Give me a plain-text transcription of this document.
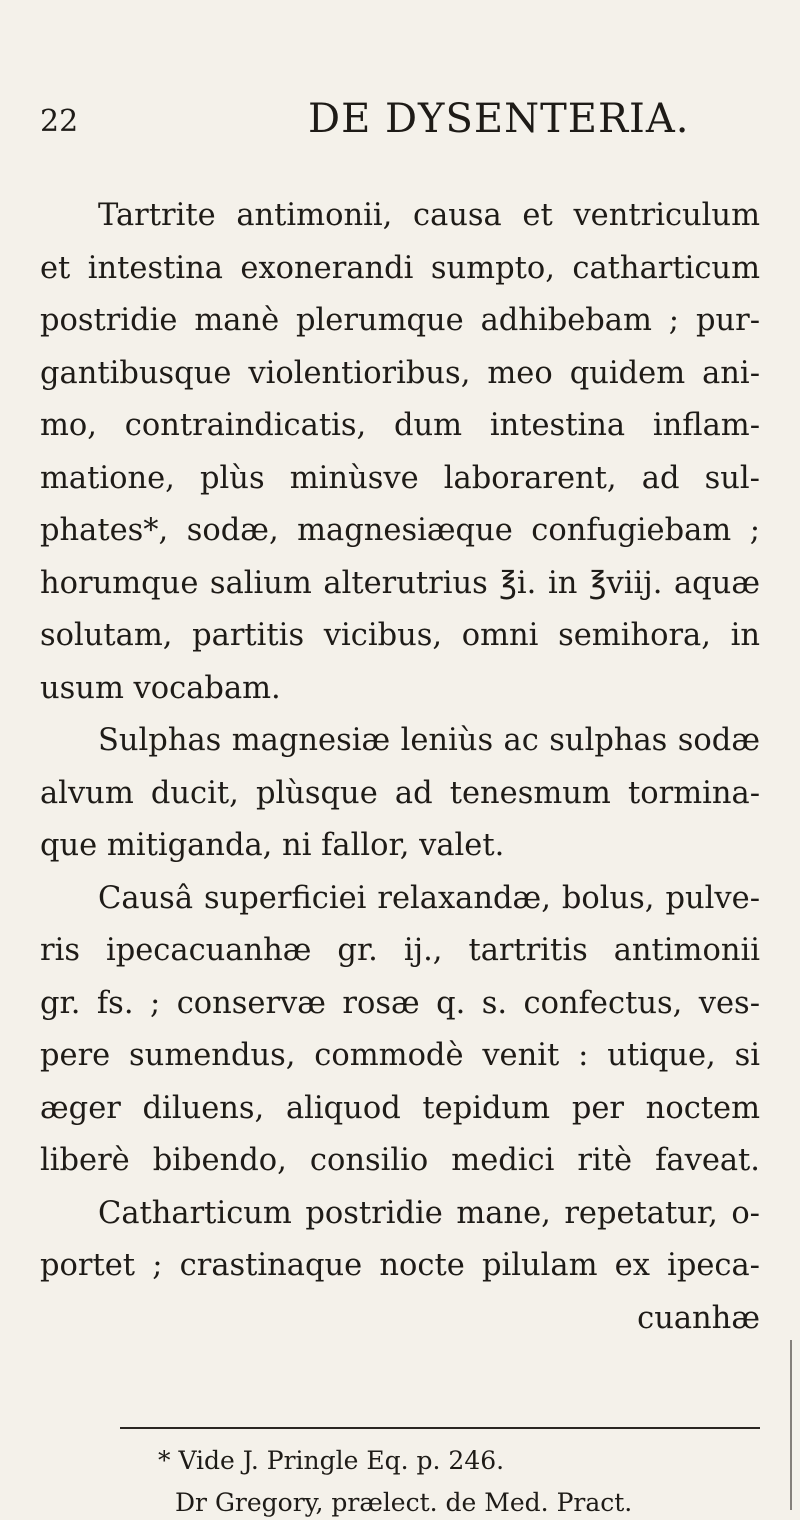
22	DE DYSENTERIA.
Tartrite antimonii, causa et ventriculum
et intestina exonerandi sumpto, catharticum
postridie manè plerumque adhibebam ; pur-
gantibusque violentioribus, meo quidem ani-
mo, contraindicatis, dum intestina inflam-
matione, plùs minùsve laborarent, ad sul-
phates*, sodæ, magnesiæque confugiebam ;
horumque salium alterutrius ℥i. in ℥viij. aquæ
solutam, partitis vicibus, omni semihora, in
usum vocabam.
Sulphas magnesiæ leniùs ac sulphas sodæ
alvum ducit, plùsque ad tenesmum tormina-
que mitiganda, ni fallor, valet.
Causâ superficiei relaxandæ, bolus, pulve-
ris ipecacuanhæ gr. ij., tartritis antimonii
gr. fs. ; conservæ rosæ q. s. confectus, ves-
pere sumendus, commodè venit : utique, si
æger diluens, aliquod tepidum per noctem
liberè bibendo, consilio medici ritè faveat.
Catharticum postridie mane, repetatur, o-
portet ; crastinaque nocte pilulam ex ipeca-
cuanhæ
* Vide J. Pringle Eq. p. 246.
Dr Gregory, prælect. de Med. Pract.
